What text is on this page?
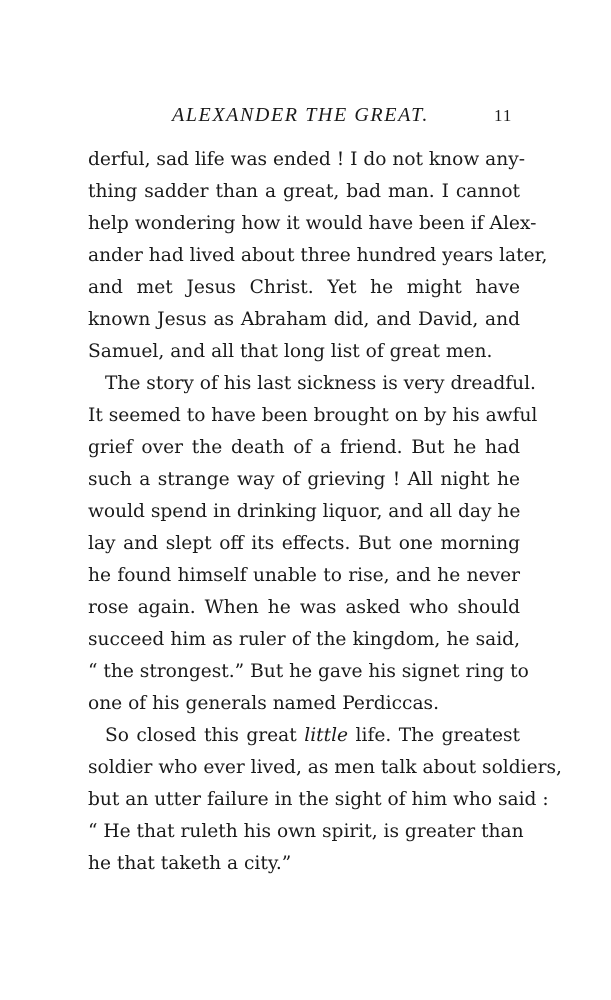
ALEXANDER THE GREAT.	11
derful, sad life was ended ! I do not know any-
thing sadder than a great, bad man. I cannot
help wondering how it would have been if Alex-
ander had lived about three hundred years later,
and met Jesus Christ. Yet he might have
known Jesus as Abraham did, and David, and
Samuel, and all that long list of great men.
The story of his last sickness is very dreadful.
It seemed to have been brought on by his awful
grief over the death of a friend. But he had
such a strange way of grieving ! All night he
would spend in drinking liquor, and all day he
lay and slept off its effects. But one morning
he found himself unable to rise, and he never
rose again. When he was asked who should
succeed him as ruler of the kingdom, he said,
“ the strongest.” But he gave his signet ring to
one of his generals named Perdiccas.
So closed this great little life. The greatest
soldier who ever lived, as men talk about soldiers,
but an utter failure in the sight of him who said :
“ He that ruleth his own spirit, is greater than
he that taketh a city.”
